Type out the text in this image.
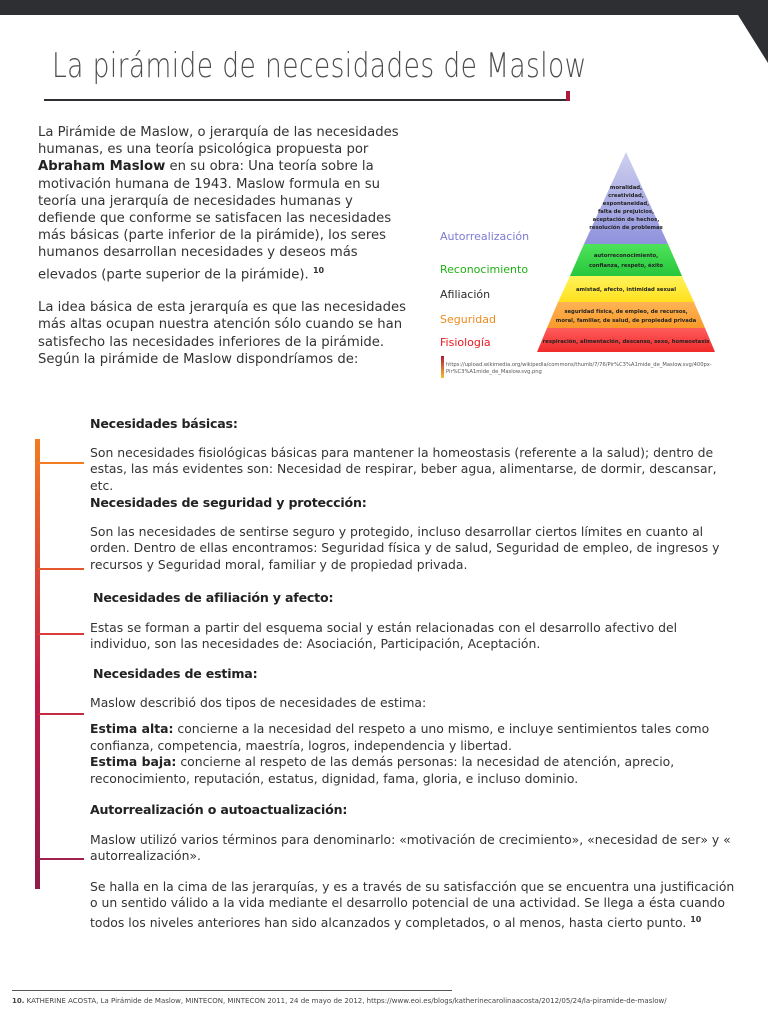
La pirámide de necesidades de Maslow

La Pirámide de Maslow, o jerarquía de las necesidades humanas, es una teoría psicológica propuesta por Abraham Maslow en su obra: Una teoría sobre la motivación humana de 1943. Maslow formula en su teoría una jerarquía de necesidades humanas y defiende que conforme se satisfacen las necesidades más básicas (parte inferior de la pirámide), los seres humanos desarrollan necesidades y deseos más elevados (parte superior de la pirámide). $^{10}$

La idea básica de esta jerarquía es que las necesidades más altas ocupan nuestra atención sólo cuando se han satisfecho las necesidades inferiores de la pirámide. Según la pirámide de Maslow dispondríamos de:

Autorrealización
Reconocimiento
Afiliación
Seguridad
Fisiología
moralidad,
creatividad,
espontaneidad,
falta de prejuicios,
aceptación de hechos,
resolución de problemas
autorreconocimiento,
confianza, respeto, éxito
amistad, afecto, intimidad sexual
seguridad física, de empleo, de recursos,
moral, familiar, de salud, de propiedad privada
respiración, alimentación, descanso, sexo, homeostasis
https://upload.wikimedia.org/wikipedia/commons/thumb/7/76/Pir%C3%A1mide_de_Maslow.svg/400px-Pir%C3%A1mide_de_Maslow.svg.png
Necesidades básicas:

Son necesidades fisiológicas básicas para mantener la homeostasis (referente a la salud); dentro de estas, las más evidentes son: Necesidad de respirar, beber agua, alimentarse, de dormir, descansar, etc.

Necesidades de seguridad y protección:

Son las necesidades de sentirse seguro y protegido, incluso desarrollar ciertos límites en cuanto al orden. Dentro de ellas encontramos: Seguridad física y de salud, Seguridad de empleo, de ingresos y recursos y Seguridad moral, familiar y de propiedad privada.

Necesidades de afiliación y afecto:

Estas se forman a partir del esquema social y están relacionadas con el desarrollo afectivo del individuo, son las necesidades de: Asociación, Participación, Aceptación.

Necesidades de estima:

Maslow describió dos tipos de necesidades de estima:

Estima alta: concierne a la necesidad del respeto a uno mismo, e incluye sentimientos tales como confianza, competencia, maestría, logros, independencia y libertad.

Estima baja: concierne al respeto de las demás personas: la necesidad de atención, aprecio, reconocimiento, reputación, estatus, dignidad, fama, gloria, e incluso dominio.

Autorrealización o autoactualización:

Maslow utilizó varios términos para denominarlo: «motivación de crecimiento», «necesidad de ser» y « autorrealización».

Se halla en la cima de las jerarquías, y es a través de su satisfacción que se encuentra una justificación o un sentido válido a la vida mediante el desarrollo potencial de una actividad. Se llega a ésta cuando todos los niveles anteriores han sido alcanzados y completados, o al menos, hasta cierto punto. $^{10}$

10. KATHERINE ACOSTA, La Pirámide de Maslow, MINTECON, MINTECON 2011, 24 de mayo de 2012, https://www.eoi.es/blogs/katherinecarolinaacosta/2012/05/24/la-piramide-de-maslow/
